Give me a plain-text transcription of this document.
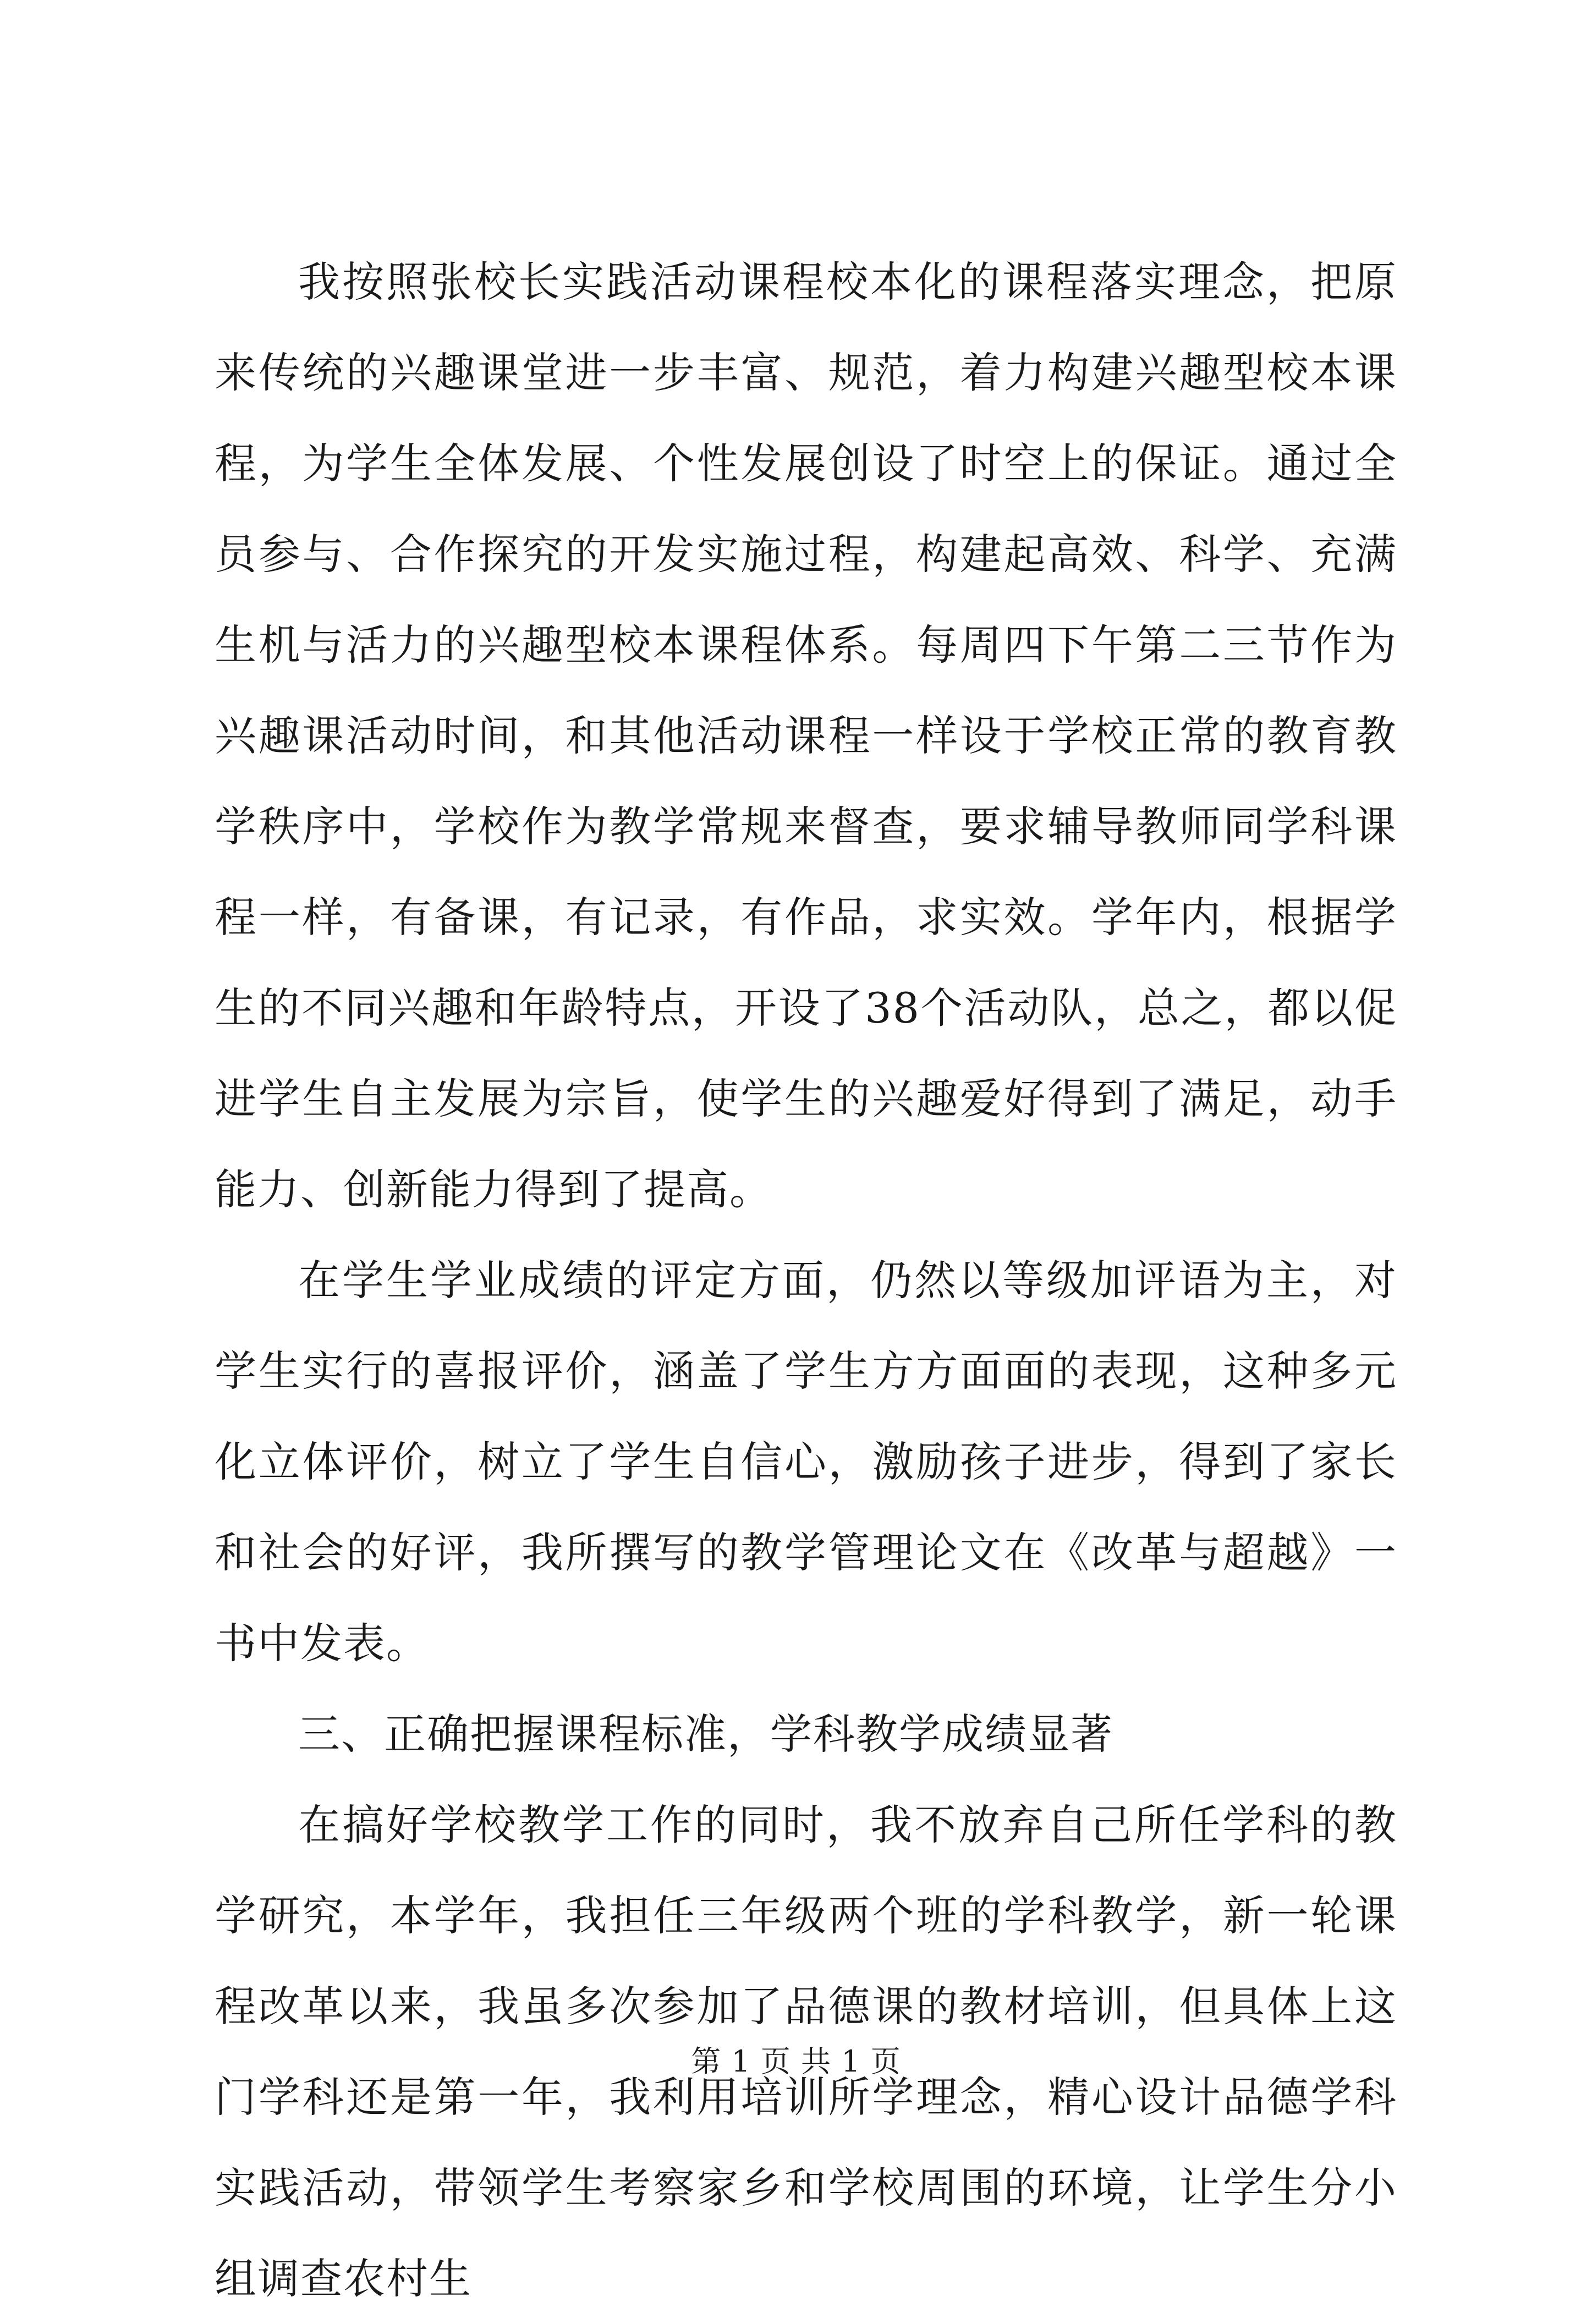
我按照张校长实践活动课程校本化的课程落实理念，把原来传统的兴趣课堂进一步丰富、规范，着力构建兴趣型校本课程，为学生全体发展、个性发展创设了时空上的保证。通过全员参与、合作探究的开发实施过程，构建起高效、科学、充满生机与活力的兴趣型校本课程体系。每周四下午第二三节作为兴趣课活动时间，和其他活动课程一样设于学校正常的教育教学秩序中，学校作为教学常规来督查，要求辅导教师同学科课程一样，有备课，有记录，有作品，求实效。学年内，根据学生的不同兴趣和年龄特点，开设了38个活动队，总之，都以促进学生自主发展为宗旨，使学生的兴趣爱好得到了满足，动手能力、创新能力得到了提高。

在学生学业成绩的评定方面，仍然以等级加评语为主，对学生实行的喜报评价，涵盖了学生方方面面的表现，这种多元化立体评价，树立了学生自信心，激励孩子进步，得到了家长和社会的好评，我所撰写的教学管理论文在《改革与超越》一书中发表。

三、正确把握课程标准，学科教学成绩显著

在搞好学校教学工作的同时，我不放弃自己所任学科的教学研究，本学年，我担任三年级两个班的学科教学，新一轮课程改革以来，我虽多次参加了品德课的教材培训，但具体上这门学科还是第一年，我利用培训所学理念，精心设计品德学科实践活动，带领学生考察家乡和学校周围的环境，让学生分小组调查农村生

第 1 页 共 1 页
